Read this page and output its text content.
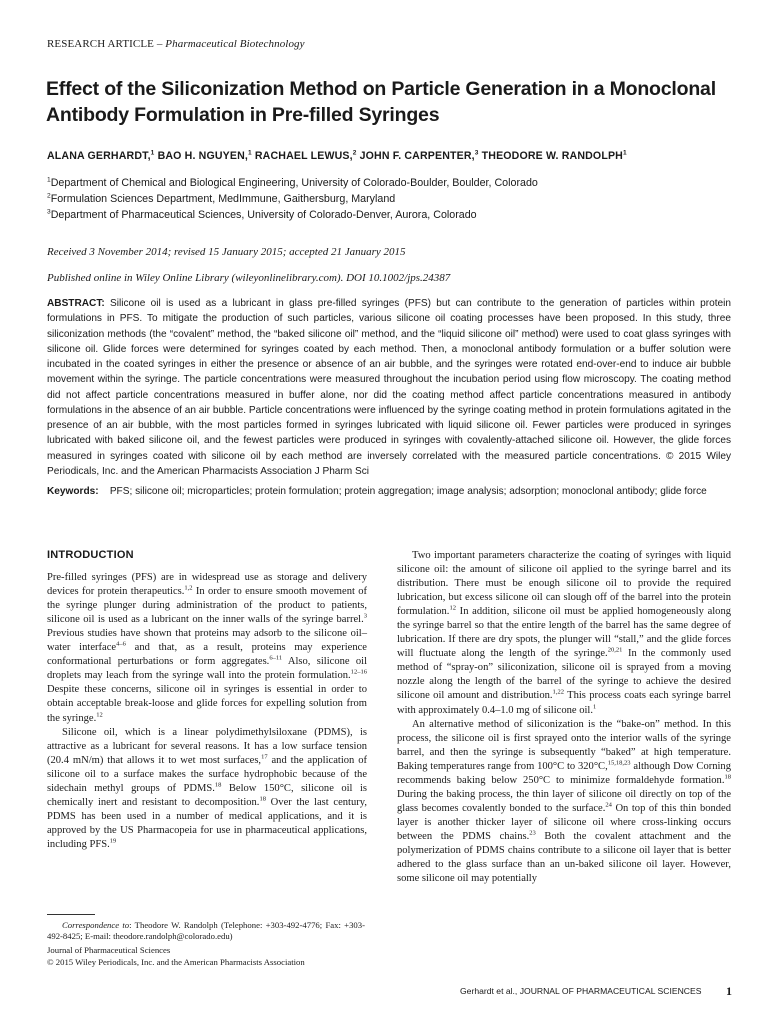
RESEARCH ARTICLE – Pharmaceutical Biotechnology
Effect of the Siliconization Method on Particle Generation in a Monoclonal Antibody Formulation in Pre-filled Syringes
ALANA GERHARDT,$^1$ BAO H. NGUYEN,$^1$ RACHAEL LEWUS,$^2$ JOHN F. CARPENTER,$^3$ THEODORE W. RANDOLPH$^1$
$^1$Department of Chemical and Biological Engineering, University of Colorado-Boulder, Boulder, Colorado
$^2$Formulation Sciences Department, MedImmune, Gaithersburg, Maryland
$^3$Department of Pharmaceutical Sciences, University of Colorado-Denver, Aurora, Colorado
Received 3 November 2014; revised 15 January 2015; accepted 21 January 2015
Published online in Wiley Online Library (wileyonlinelibrary.com). DOI 10.1002/jps.24387
ABSTRACT: Silicone oil is used as a lubricant in glass pre-filled syringes (PFS) but can contribute to the generation of particles within protein formulations in PFS. To mitigate the production of such particles, various silicone oil coating processes have been proposed. In this study, three siliconization methods (the “covalent” method, the “baked silicone oil” method, and the “liquid silicone oil” method) were used to coat glass syringes with silicone oil. Glide forces were determined for syringes coated by each method. Then, a monoclonal antibody formulation or a buffer solution were incubated in the coated syringes in either the presence or absence of an air bubble, and the syringes were rotated end-over-end to induce air bubble movement within the syringe. The particle concentrations were measured throughout the incubation period using flow microscopy. The coating method did not affect particle concentrations measured in buffer alone, nor did the coating method affect particle concentrations measured in antibody formulations in the absence of an air bubble. Particle concentrations were influenced by the syringe coating method in protein formulations agitated in the presence of an air bubble, with the most particles formed in syringes lubricated with liquid silicone oil. Fewer particles were produced in syringes lubricated with baked silicone oil, and the fewest particles were produced in syringes with covalently-attached silicone oil. However, the glide forces measured in syringes coated with silicone oil by each method are inversely correlated with the measured particle concentrations. © 2015 Wiley Periodicals, Inc. and the American Pharmacists Association J Pharm Sci
Keywords: PFS; silicone oil; microparticles; protein formulation; protein aggregation; image analysis; adsorption; monoclonal antibody; glide force
INTRODUCTION

Pre-filled syringes (PFS) are in widespread use as storage and delivery devices for protein therapeutics.$^{1,2}$ In order to ensure smooth movement of the syringe plunger during administration of the product to patients, silicone oil is used as a lubricant on the inner walls of the syringe barrel.$^3$ Previous studies have shown that proteins may adsorb to the silicone oil–water interface$^{4-6}$ and that, as a result, proteins may experience conformational perturbations or form aggregates.$^{6-11}$ Also, silicone oil droplets may leach from the syringe wall into the protein formulation.$^{12-16}$ Despite these concerns, silicone oil in syringes is essential in order to obtain acceptable break-loose and glide forces for expelling solution from the syringe.$^{12}$

Silicone oil, which is a linear polydimethylsiloxane (PDMS), is attractive as a lubricant for several reasons. It has a low surface tension (20.4 mN/m) that allows it to wet most surfaces,$^{17}$ and the application of silicone oil to a surface makes the surface hydrophobic because of the sidechain methyl groups of PDMS.$^{18}$ Below 150°C, silicone oil is chemically inert and resistant to decomposition.$^{18}$ Over the last century, PDMS has been used in a number of medical applications, and it is approved by the US Pharmacopeia for use in pharmaceutical applications, including PFS.$^{19}$

Two important parameters characterize the coating of syringes with liquid silicone oil: the amount of silicone oil applied to the syringe barrel and its distribution. There must be enough silicone oil to provide the required lubrication, but excess silicone oil can slough off of the barrel into the protein formulation.$^{12}$ In addition, silicone oil must be applied homogeneously along the syringe barrel so that the entire length of the barrel has the same degree of lubrication. If there are dry spots, the plunger will “stall,” and the glide forces will fluctuate along the length of the syringe.$^{20,21}$ In the commonly used method of “spray-on” siliconization, silicone oil is sprayed from a moving nozzle along the length of the barrel of the syringe to achieve the desired silicone oil amount and distribution.$^{1,22}$ This process coats each syringe barrel with approximately 0.4–1.0 mg of silicone oil.$^1$

An alternative method of siliconization is the “bake-on” method. In this process, the silicone oil is first sprayed onto the interior walls of the syringe barrel, and then the syringe is subsequently “baked” at high temperature. Baking temperatures range from 100°C to 320°C,$^{15,18,23}$ although Dow Corning recommends baking below 250°C to minimize formaldehyde formation.$^{18}$ During the baking process, the thin layer of silicone oil directly on top of the glass becomes covalently bonded to the surface.$^{24}$ On top of this thin bonded layer is another thicker layer of silicone oil where cross-linking occurs between the PDMS chains.$^{23}$ Both the covalent attachment and the polymerization of PDMS chains contribute to a silicone oil layer that is better adhered to the glass surface than an un-baked silicone oil layer. However, some silicone oil may potentially

Correspondence to: Theodore W. Randolph (Telephone: +303-492-4776; Fax: +303-492-8425; E-mail: theodore.randolph@colorado.edu)
Journal of Pharmaceutical Sciences
© 2015 Wiley Periodicals, Inc. and the American Pharmacists Association
Gerhardt et al., JOURNAL OF PHARMACEUTICAL SCIENCES 1
